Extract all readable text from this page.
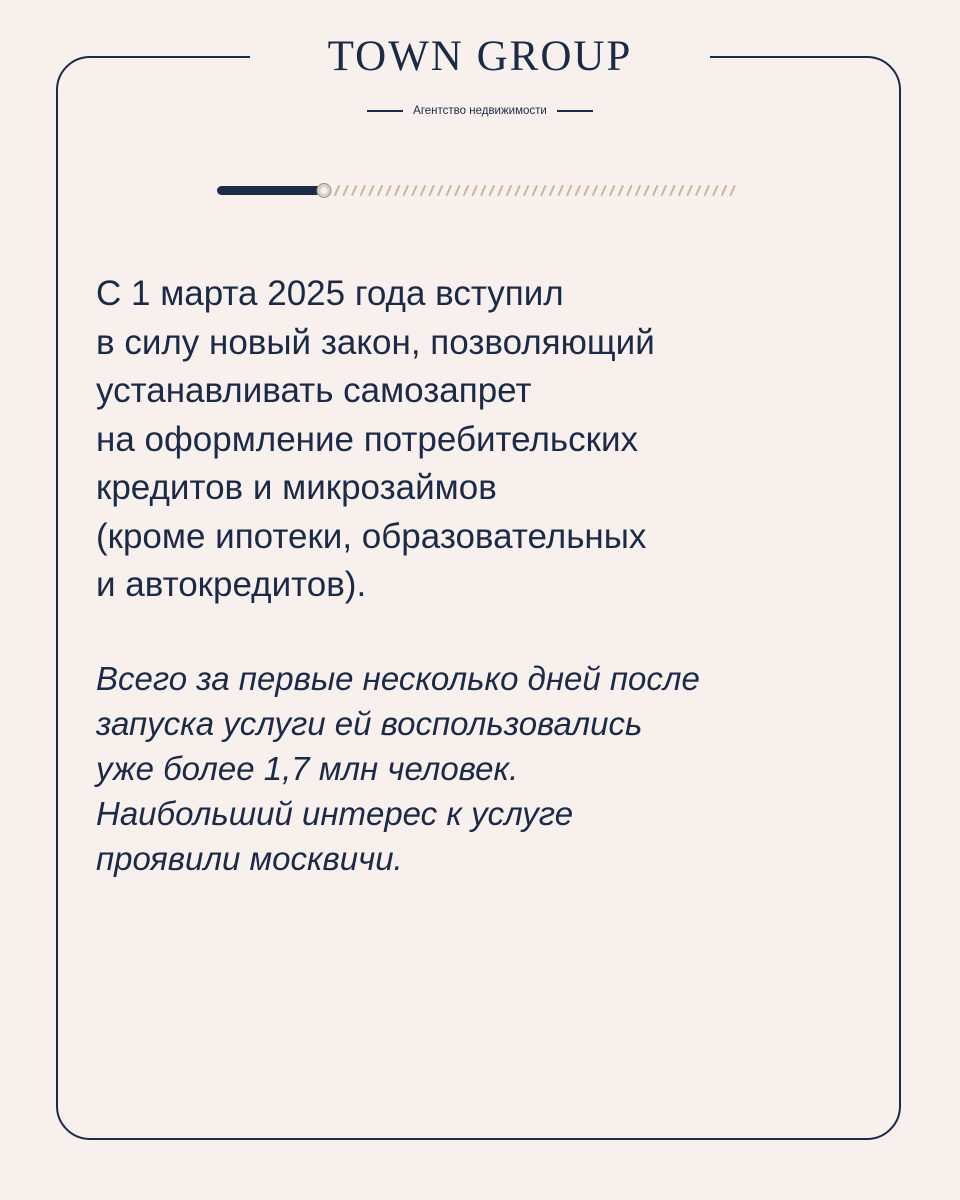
TOWN GROUP
Агентство недвижимости

С 1 марта 2025 года вступил
в силу новый закон, позволяющий
устанавливать самозапрет
на оформление потребительских
кредитов и микрозаймов
(кроме ипотеки, образовательных
и автокредитов).

Всего за первые несколько дней после
запуска услуги ей воспользовались
уже более 1,7 млн человек.
Наибольший интерес к услуге
проявили москвичи.
